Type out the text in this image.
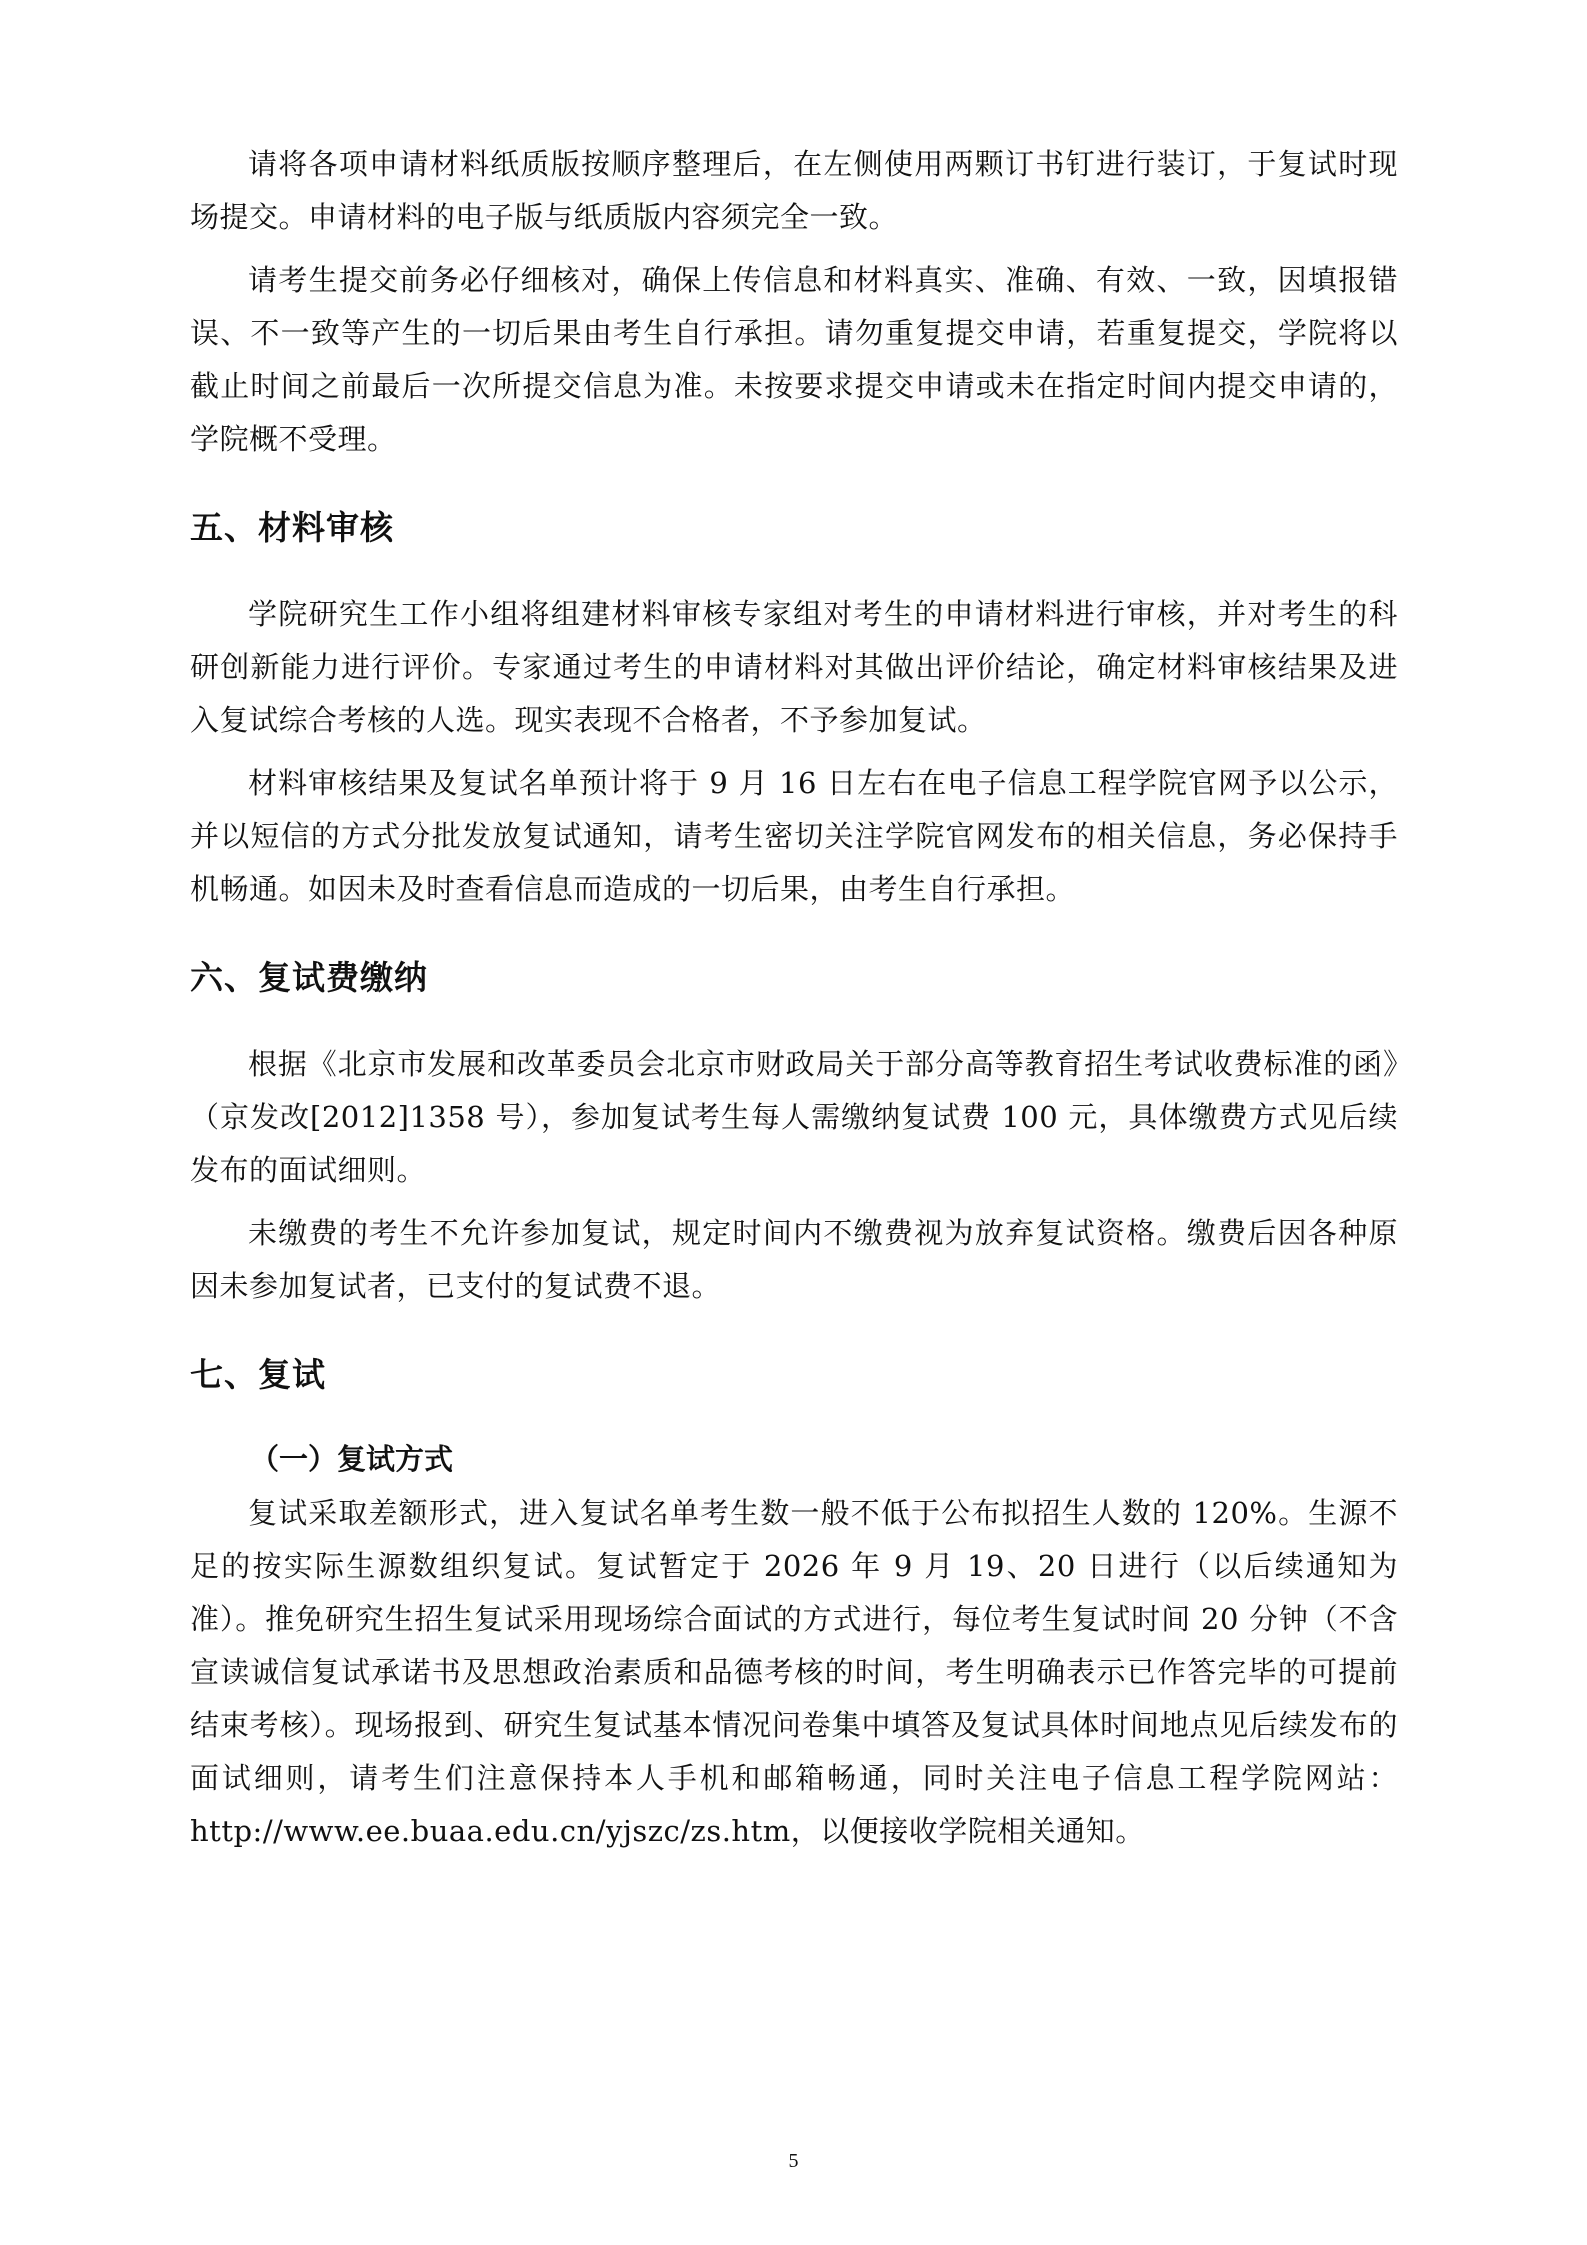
请将各项申请材料纸质版按顺序整理后，在左侧使用两颗订书钉进行装订，于复试时现场提交。申请材料的电子版与纸质版内容须完全一致。

请考生提交前务必仔细核对，确保上传信息和材料真实、准确、有效、一致，因填报错误、不一致等产生的一切后果由考生自行承担。请勿重复提交申请，若重复提交，学院将以截止时间之前最后一次所提交信息为准。未按要求提交申请或未在指定时间内提交申请的，学院概不受理。

五、材料审核

学院研究生工作小组将组建材料审核专家组对考生的申请材料进行审核，并对考生的科研创新能力进行评价。专家通过考生的申请材料对其做出评价结论，确定材料审核结果及进入复试综合考核的人选。现实表现不合格者，不予参加复试。

材料审核结果及复试名单预计将于 9 月 16 日左右在电子信息工程学院官网予以公示，并以短信的方式分批发放复试通知，请考生密切关注学院官网发布的相关信息，务必保持手机畅通。如因未及时查看信息而造成的一切后果，由考生自行承担。

六、复试费缴纳

根据《北京市发展和改革委员会北京市财政局关于部分高等教育招生考试收费标准的函》（京发改[2012]1358 号），参加复试考生每人需缴纳复试费 100 元，具体缴费方式见后续发布的面试细则。

未缴费的考生不允许参加复试，规定时间内不缴费视为放弃复试资格。缴费后因各种原因未参加复试者，已支付的复试费不退。

七、复试
（一）复试方式

复试采取差额形式，进入复试名单考生数一般不低于公布拟招生人数的 120%。生源不足的按实际生源数组织复试。复试暂定于 2026 年 9 月 19、20 日进行（以后续通知为准）。推免研究生招生复试采用现场综合面试的方式进行，每位考生复试时间 20 分钟（不含宣读诚信复试承诺书及思想政治素质和品德考核的时间，考生明确表示已作答完毕的可提前结束考核）。现场报到、研究生复试基本情况问卷集中填答及复试具体时间地点见后续发布的面试细则，请考生们注意保持本人手机和邮箱畅通，同时关注电子信息工程学院网站：http://www.ee.buaa.edu.cn/yjszc/zs.htm，以便接收学院相关通知。

5
